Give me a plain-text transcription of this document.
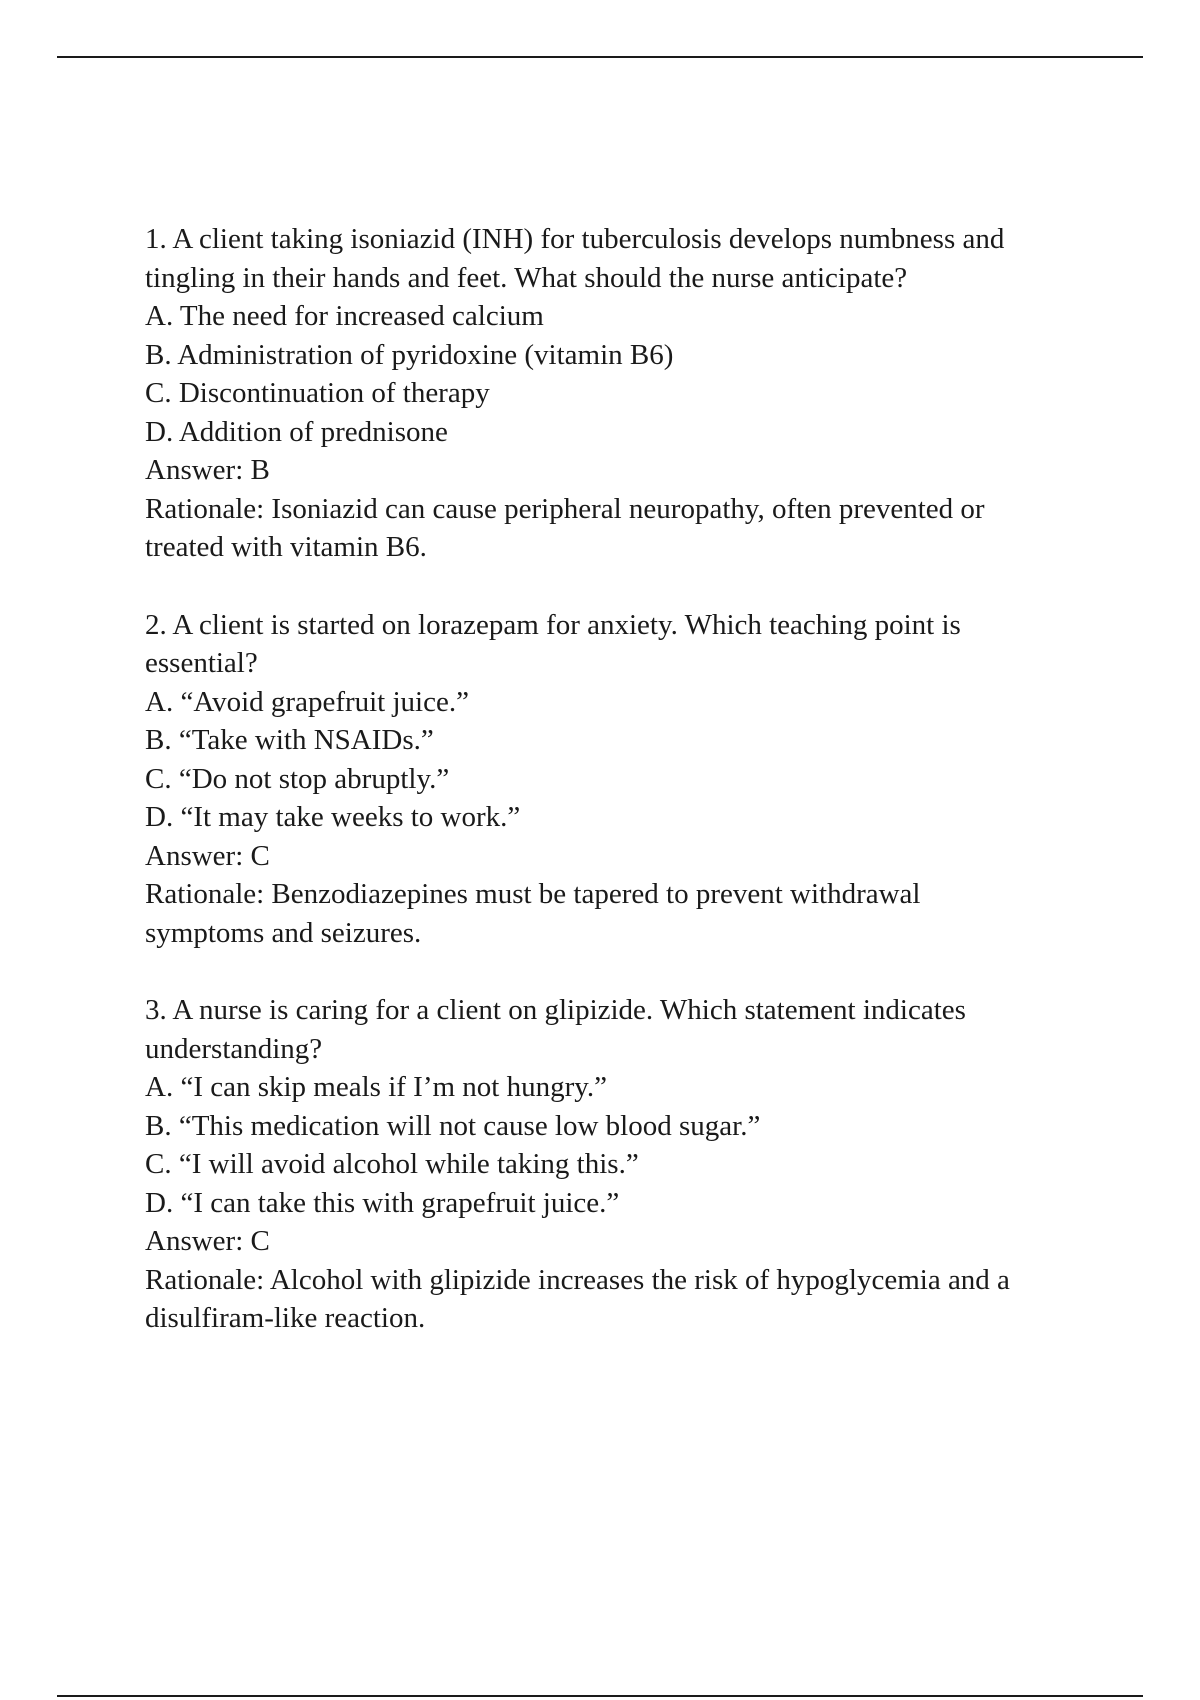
1. A client taking isoniazid (INH) for tuberculosis develops numbness and tingling in their hands and feet. What should the nurse anticipate?

A. The need for increased calcium

B. Administration of pyridoxine (vitamin B6)

C. Discontinuation of therapy

D. Addition of prednisone

Answer: B

Rationale: Isoniazid can cause peripheral neuropathy, often prevented or treated with vitamin B6.

2. A client is started on lorazepam for anxiety. Which teaching point is essential?

A. “Avoid grapefruit juice.”

B. “Take with NSAIDs.”

C. “Do not stop abruptly.”

D. “It may take weeks to work.”

Answer: C

Rationale: Benzodiazepines must be tapered to prevent withdrawal symptoms and seizures.

3. A nurse is caring for a client on glipizide. Which statement indicates understanding?

A. “I can skip meals if I’m not hungry.”

B. “This medication will not cause low blood sugar.”

C. “I will avoid alcohol while taking this.”

D. “I can take this with grapefruit juice.”

Answer: C

Rationale: Alcohol with glipizide increases the risk of hypoglycemia and a disulfiram-like reaction.
